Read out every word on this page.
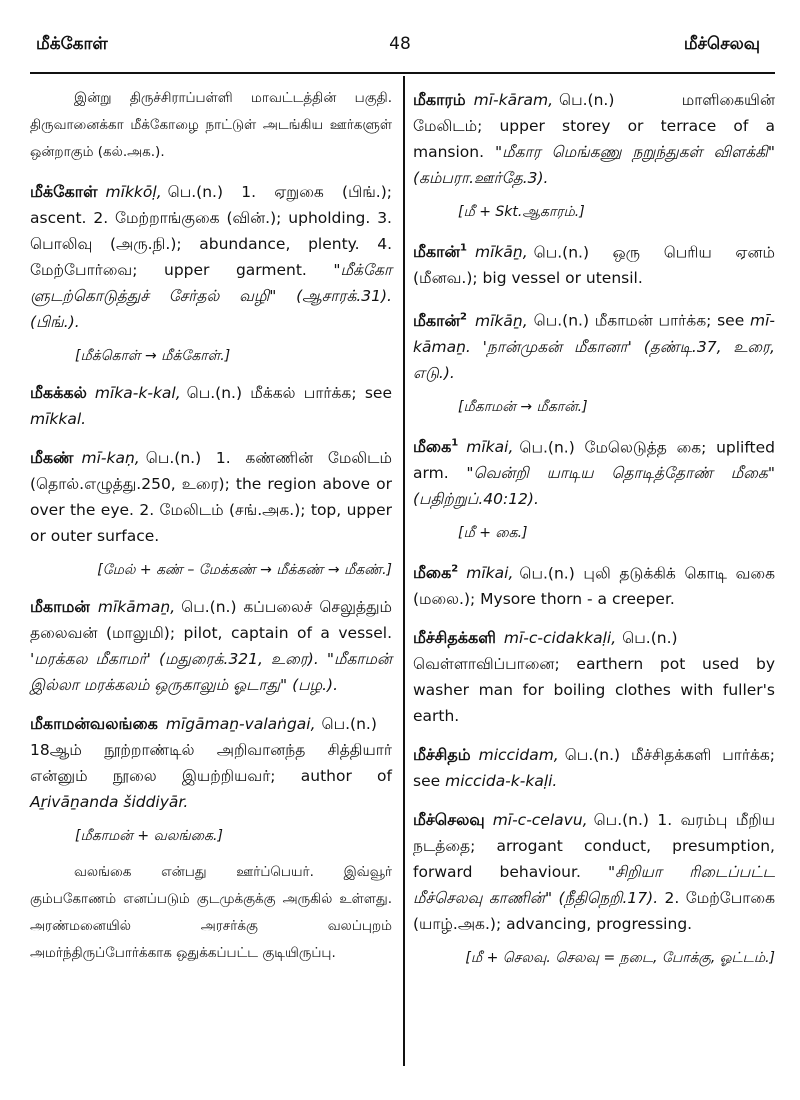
மீக்கோள்	48	மீச்செலவு

இன்று திருச்சிராப்பள்ளி மாவட்டத்தின் பகுதி. திருவானைக்கா மீக்கோழை நாட்டுள் அடங்கிய ஊர்களுள் ஒன்றாகும் (கல்.அக.).

மீக்கோள் mīkkōḷ, பெ.(n.) 1. ஏறுகை (பிங்.); ascent. 2. மேற்றாங்குகை (வின்.); upholding. 3. பொலிவு (அரு.நி.); abundance, plenty. 4. மேற்போர்வை; upper garment. "மீக்கோ ளுடற்கொடுத்துச் சேர்தல் வழி" (ஆசாரக்.31). (பிங்.).

[மீக்கொள் → மீக்கோள்.]

மீகக்கல் mīka-k-kal, பெ.(n.) மீக்கல் பார்க்க; see mīkkal.

மீகண் mī-kaṇ, பெ.(n.) 1. கண்ணின் மேலிடம் (தொல்.எழுத்து.250, உரை); the region above or over the eye. 2. மேலிடம் (சங்.அக.); top, upper or outer surface.

[மேல் + கண் – மேக்கண் → மீக்கண் → மீகண்.]

மீகாமன் mīkāmaṉ, பெ.(n.) கப்பலைச் செலுத்தும் தலைவன் (மாலுமி); pilot, captain of a vessel. 'மரக்கல மீகாமர்' (மதுரைக்.321, உரை). "மீகாமன் இல்லா மரக்கலம் ஒருகாலும் ஓடாது" (பழ.).

மீகாமன்வலங்கை mīgāmaṉ-valaṅgai, பெ.(n.) 18ஆம் நூற்றாண்டில் அறிவானந்த சித்தியார் என்னும் நூலை இயற்றியவர்; author of Aṟivāṉanda šiddiyār.

[மீகாமன் + வலங்கை.]

வலங்கை என்பது ஊர்ப்பெயர். இவ்வூர் கும்பகோணம் எனப்படும் குடமுக்குக்கு அருகில் உள்ளது. அரண்மனையில் அரசர்க்கு வலப்புறம் அமர்ந்திருப்போர்க்காக ஒதுக்கப்பட்ட குடியிருப்பு.

மீகாரம் mī-kāram, பெ.(n.) மாளிகையின் மேலிடம்; upper storey or terrace of a mansion. "மீகார மெங்கணு நறுந்துகள் விளக்கி" (கம்பரா.ஊர்தே.3).

[மீ + Skt.ஆகாரம்.]

மீகான்$^1$ mīkāṉ, பெ.(n.) ஒரு பெரிய ஏனம் (மீனவ.); big vessel or utensil.

மீகான்$^2$ mīkāṉ, பெ.(n.) மீகாமன் பார்க்க; see mī-kāmaṉ. 'நான்முகன் மீகானா' (தண்டி.37, உரை, எடு.).

[மீகாமன் → மீகான்.]

மீகை$^1$ mīkai, பெ.(n.) மேலெடுத்த கை; uplifted arm. "வென்றி யாடிய தொடித்தோண் மீகை" (பதிற்றுப்.40:12).

[மீ + கை.]

மீகை$^2$ mīkai, பெ.(n.) புலி தடுக்கிக் கொடி வகை (மலை.); Mysore thorn - a creeper.

மீச்சிதக்களி mī-c-cidakkaḷi, பெ.(n.) வெள்ளாவிப்பானை; earthern pot used by washer man for boiling clothes with fuller's earth.

மீச்சிதம் miccidam, பெ.(n.) மீச்சிதக்களி பார்க்க; see miccida-k-kaḷi.

மீச்செலவு mī-c-celavu, பெ.(n.) 1. வரம்பு மீறிய நடத்தை; arrogant conduct, presumption, forward behaviour. "சிறியா ரிடைப்பட்ட மீச்செலவு காணின்" (நீதிநெறி.17). 2. மேற்போகை (யாழ்.அக.); advancing, progressing.

[மீ + செலவு. செலவு = நடை, போக்கு, ஓட்டம்.]
